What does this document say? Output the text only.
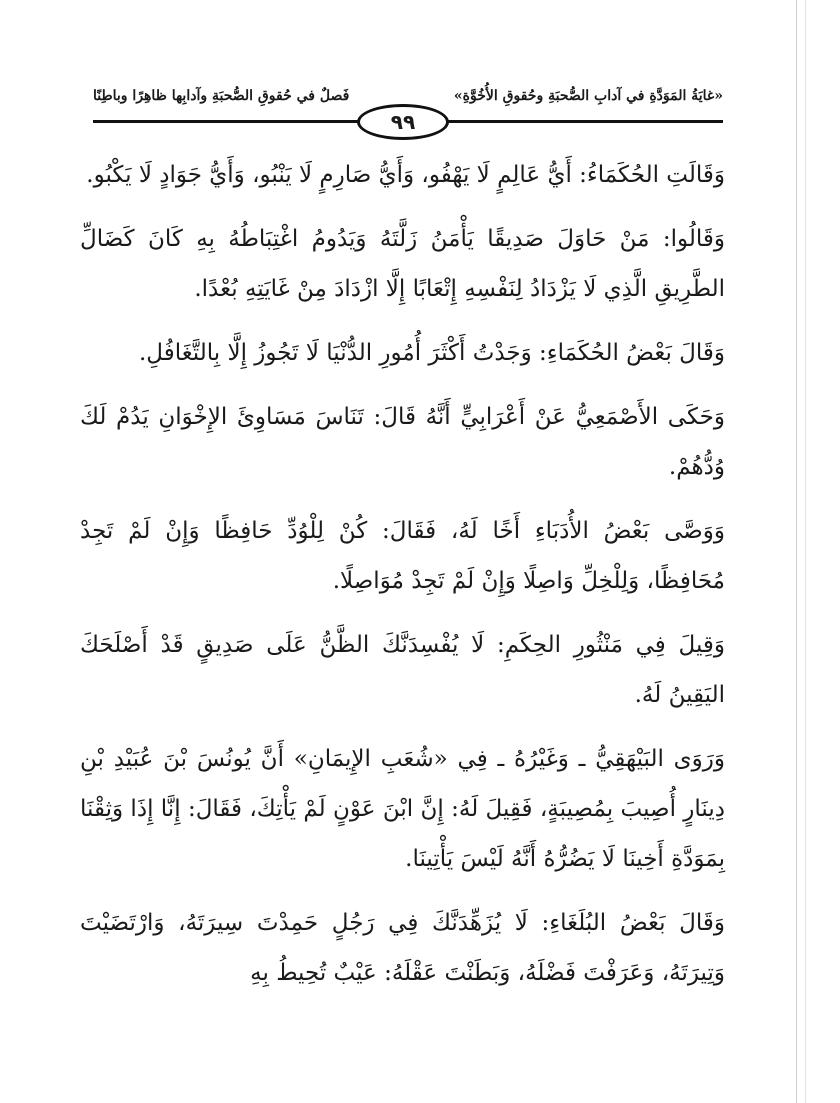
«غايَةُ المَوَدَّةِ في آدابِ الصُّحبَةِ وحُقوقِ الأُخُوَّةِ»
فَصلٌ في حُقوقِ الصُّحبَةِ وآدابِها ظاهِرًا وباطِنًا
٩٩

وَقَالَتِ الحُكَمَاءُ: أَيُّ عَالِمٍ لَا يَهْفُو، وَأَيُّ صَارِمٍ لَا يَنْبُو، وَأَيُّ جَوَادٍ لَا يَكْبُو.

وَقَالُوا: مَنْ حَاوَلَ صَدِيقًا يَأْمَنُ زَلَّتَهُ وَيَدُومُ اغْتِبَاطُهُ بِهِ كَانَ كَضَالِّ الطَّرِيقِ الَّذِي لَا يَزْدَادُ لِنَفْسِهِ إِتْعَابًا إِلَّا ازْدَادَ مِنْ غَايَتِهِ بُعْدًا.

وَقَالَ بَعْضُ الحُكَمَاءِ: وَجَدْتُ أَكْثَرَ أُمُورِ الدُّنْيَا لَا تَجُوزُ إِلَّا بِالتَّغَافُلِ.

وَحَكَى الأَصْمَعِيُّ عَنْ أَعْرَابِيٍّ أَنَّهُ قَالَ: تَنَاسَ مَسَاوِئَ الإِخْوَانِ يَدُمْ لَكَ وُدُّهُمْ.

وَوَصَّى بَعْضُ الأُدَبَاءِ أَخًا لَهُ، فَقَالَ: كُنْ لِلْوُدِّ حَافِظًا وَإِنْ لَمْ تَجِدْ مُحَافِظًا، وَلِلْخِلِّ وَاصِلًا وَإِنْ لَمْ تَجِدْ مُوَاصِلًا.

وَقِيلَ فِي مَنْثُورِ الحِكَمِ: لَا يُفْسِدَنَّكَ الظَّنُّ عَلَى صَدِيقٍ قَدْ أَصْلَحَكَ اليَقِينُ لَهُ.

وَرَوَى البَيْهَقِيُّ ـ وَغَيْرُهُ ـ فِي «شُعَبِ الإِيمَانِ» أَنَّ يُونُسَ بْنَ عُبَيْدِ بْنِ دِينَارٍ أُصِيبَ بِمُصِيبَةٍ، فَقِيلَ لَهُ: إِنَّ ابْنَ عَوْنٍ لَمْ يَأْتِكَ، فَقَالَ: إِنَّا إِذَا وَثِقْنَا بِمَوَدَّةِ أَخِينَا لَا يَضُرُّهُ أَنَّهُ لَيْسَ يَأْتِينَا.

وَقَالَ بَعْضُ البُلَغَاءِ: لَا يُزَهِّدَنَّكَ فِي رَجُلٍ حَمِدْتَ سِيرَتَهُ، وَارْتَضَيْتَ وَتِيرَتَهُ، وَعَرَفْتَ فَضْلَهُ، وَبَطَنْتَ عَقْلَهُ: عَيْبٌ تُحِيطُ بِهِ
